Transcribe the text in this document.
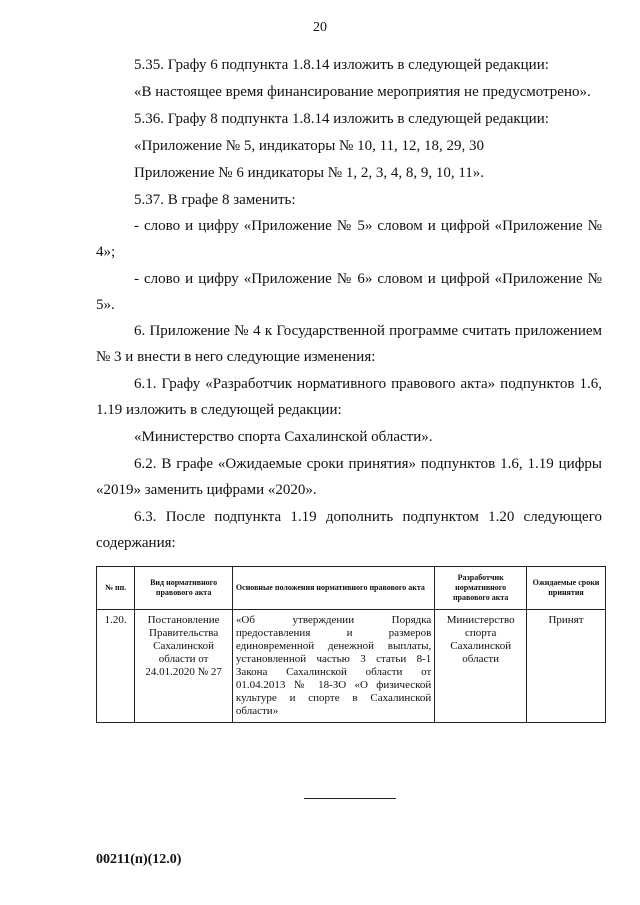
20

5.35. Графу 6 подпункта 1.8.14 изложить в следующей редакции:

«В настоящее время финансирование мероприятия не предусмотрено».

5.36. Графу 8 подпункта 1.8.14 изложить в следующей редакции:

«Приложение № 5, индикаторы № 10, 11, 12, 18, 29, 30

Приложение № 6 индикаторы № 1, 2, 3, 4, 8, 9, 10, 11».

5.37. В графе 8 заменить:

- слово и цифру «Приложение № 5» словом и цифрой «Приложение № 4»;

- слово и цифру «Приложение № 6» словом и цифрой «Приложение № 5».

6. Приложение № 4 к Государственной программе считать приложением № 3 и внести в него следующие изменения:

6.1. Графу «Разработчик нормативного правового акта» подпунктов 1.6, 1.19 изложить в следующей редакции:

«Министерство спорта Сахалинской области».

6.2. В графе «Ожидаемые сроки принятия» подпунктов 1.6, 1.19 цифры «2019» заменить цифрами «2020».

6.3. После подпункта 1.19 дополнить подпунктом 1.20 следующего содержания:

№ пп.	Вид нормативного правового акта	Основные положения нормативного правового акта	Разработчик нормативного правового акта	Ожидаемые сроки принятия
1.20.	Постановление Правительства Сахалинской области от 24.01.2020 № 27	«Об утверждении Порядка предоставления и размеров единовременной денежной выплаты, установленной частью 3 статьи 8-1 Закона Сахалинской области от 01.04.2013 № 18-ЗО «О физической культуре и спорте в Сахалинской области»	Министерство спорта Сахалинской области	Принят
00211(п)(12.0)
